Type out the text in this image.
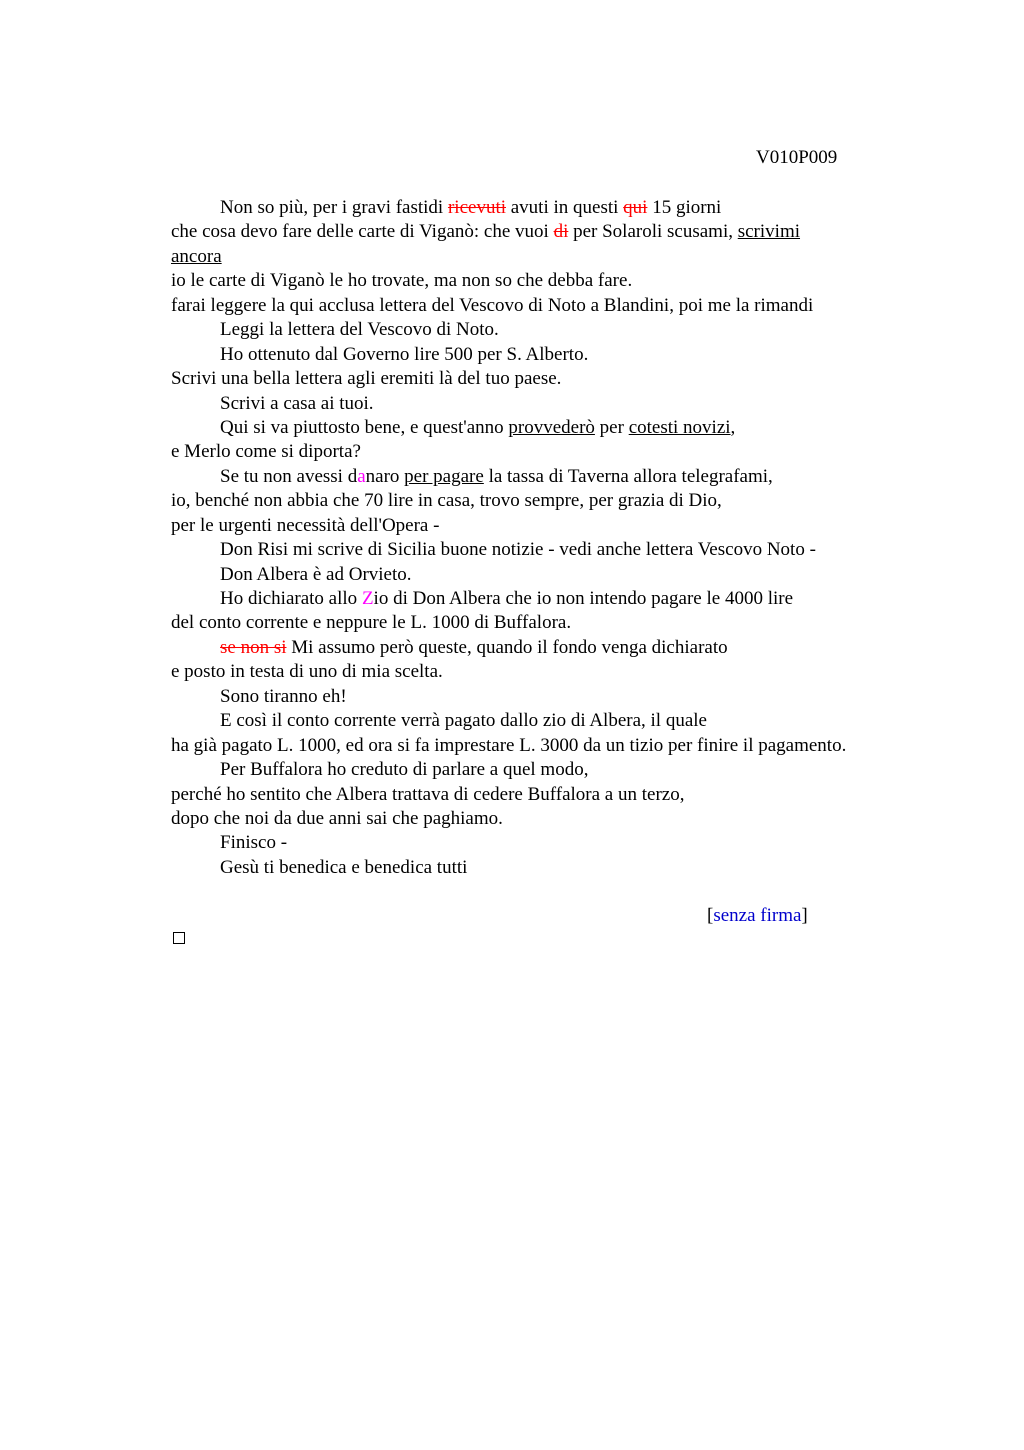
V010P009
Non so più, per i gravi fastidi ricevuti avuti in questi qui 15 giorni
che cosa devo fare delle carte di Viganò: che vuoi di per Solaroli scusami, scrivimi
ancora
io le carte di Viganò le ho trovate, ma non so che debba fare.
farai leggere la qui acclusa lettera del Vescovo di Noto a Blandini, poi me la rimandi
Leggi la lettera del Vescovo di Noto.
Ho ottenuto dal Governo lire 500 per S. Alberto.
Scrivi una bella lettera agli eremiti là del tuo paese.
Scrivi a casa ai tuoi.
Qui si va piuttosto bene, e quest'anno provvederò per cotesti novizi,
e Merlo come si diporta?
Se tu non avessi danaro per pagare la tassa di Taverna allora telegrafami,
io, benché non abbia che 70 lire in casa, trovo sempre, per grazia di Dio,
per le urgenti necessità dell'Opera -
Don Risi mi scrive di Sicilia buone notizie - vedi anche lettera Vescovo Noto -
Don Albera è ad Orvieto.
Ho dichiarato allo Zio di Don Albera che io non intendo pagare le 4000 lire
del conto corrente e neppure le L. 1000 di Buffalora.
se non si Mi assumo però queste, quando il fondo venga dichiarato
e posto in testa di uno di mia scelta.
Sono tiranno eh!
E così il conto corrente verrà pagato dallo zio di Albera, il quale
ha già pagato L. 1000, ed ora si fa imprestare L. 3000 da un tizio per finire il pagamento.
Per Buffalora ho creduto di parlare a quel modo,
perché ho sentito che Albera trattava di cedere Buffalora a un terzo,
dopo che noi da due anni sai che paghiamo.
Finisco -
Gesù ti benedica e benedica tutti
[senza firma]
